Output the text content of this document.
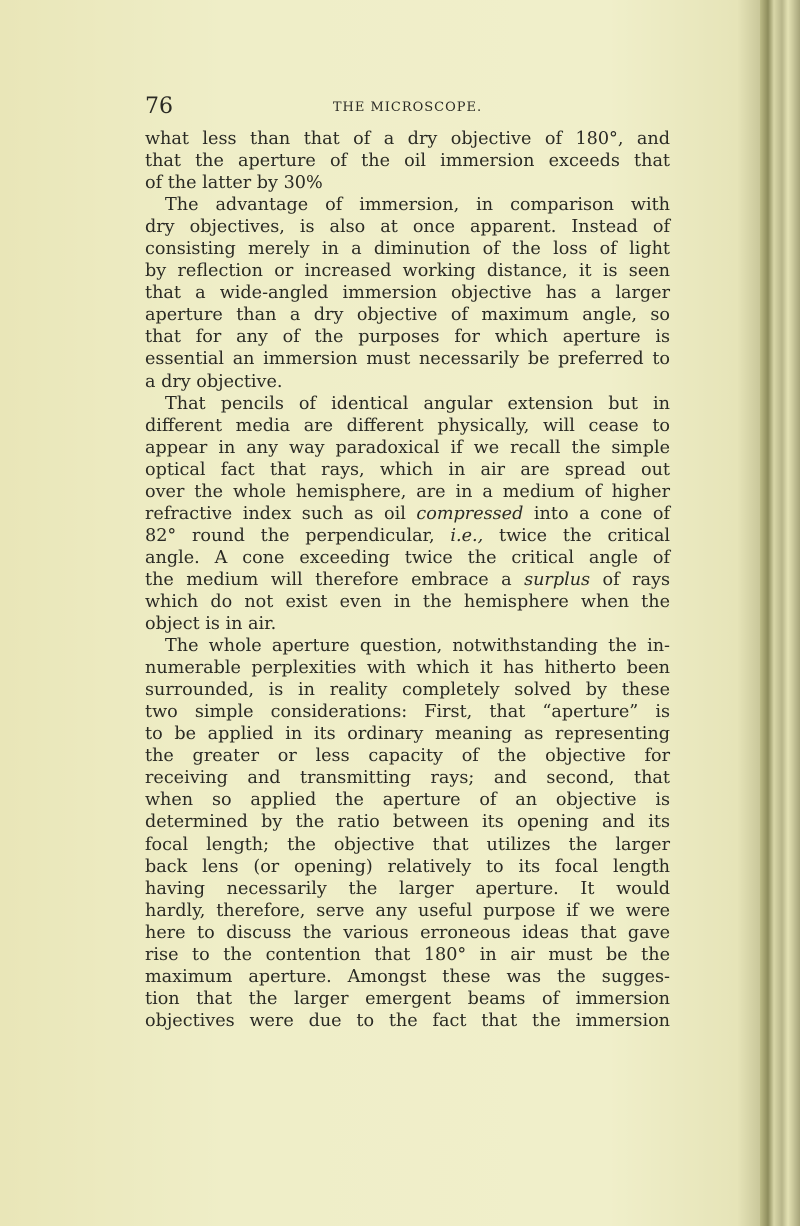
76	THE MICROSCOPE.
what less than that of a dry objective of 180°, and
that the aperture of the oil immersion exceeds that
of the latter by 30%
The advantage of immersion, in comparison with
dry objectives, is also at once apparent. Instead of
consisting merely in a diminution of the loss of light
by reflection or increased working distance, it is seen
that a wide-angled immersion objective has a larger
aperture than a dry objective of maximum angle, so
that for any of the purposes for which aperture is
essential an immersion must necessarily be preferred to
a dry objective.
That pencils of identical angular extension but in
different media are different physically, will cease to
appear in any way paradoxical if we recall the simple
optical fact that rays, which in air are spread out
over the whole hemisphere, are in a medium of higher
refractive index such as oil compressed into a cone of
82° round the perpendicular, i.e., twice the critical
angle. A cone exceeding twice the critical angle of
the medium will therefore embrace a surplus of rays
which do not exist even in the hemisphere when the
object is in air.
The whole aperture question, notwithstanding the in-
numerable perplexities with which it has hitherto been
surrounded, is in reality completely solved by these
two simple considerations: First, that “aperture” is
to be applied in its ordinary meaning as representing
the greater or less capacity of the objective for
receiving and transmitting rays; and second, that
when so applied the aperture of an objective is
determined by the ratio between its opening and its
focal length; the objective that utilizes the larger
back lens (or opening) relatively to its focal length
having necessarily the larger aperture. It would
hardly, therefore, serve any useful purpose if we were
here to discuss the various erroneous ideas that gave
rise to the contention that 180° in air must be the
maximum aperture. Amongst these was the sugges-
tion that the larger emergent beams of immersion
objectives were due to the fact that the immersion
